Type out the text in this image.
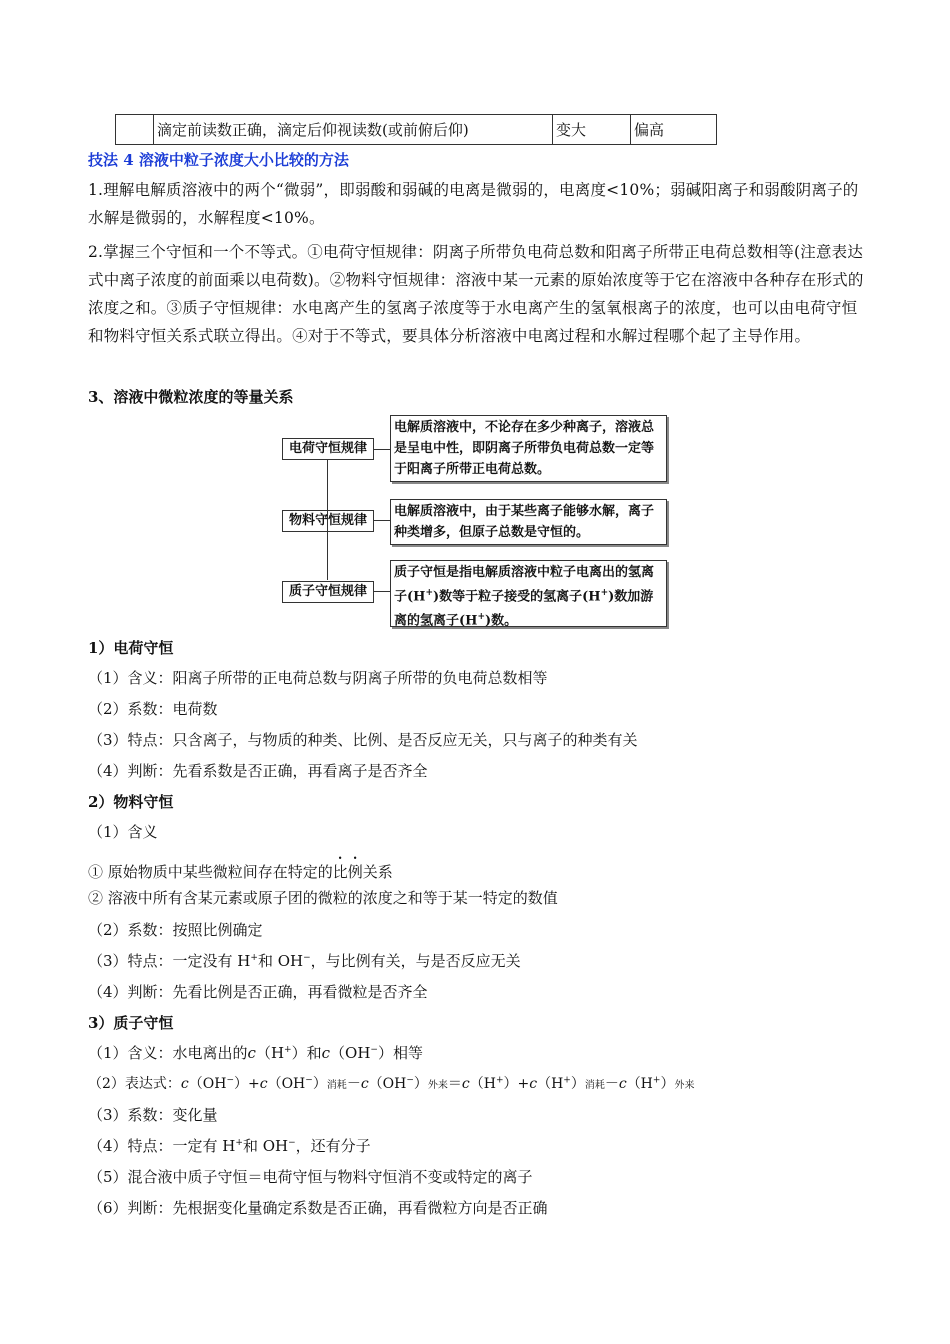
	滴定前读数正确，滴定后仰视读数(或前俯后仰)	变大	偏高
技法 4 溶液中粒子浓度大小比较的方法
1.理解电解质溶液中的两个“微弱”，即弱酸和弱碱的电离是微弱的，电离度<10%；弱碱阳离子和弱酸阴离子的水解是微弱的，水解程度<10%。
2.掌握三个守恒和一个不等式。①电荷守恒规律：阴离子所带负电荷总数和阳离子所带正电荷总数相等(注意表达式中离子浓度的前面乘以电荷数)。②物料守恒规律：溶液中某一元素的原始浓度等于它在溶液中各种存在形式的浓度之和。③质子守恒规律：水电离产生的氢离子浓度等于水电离产生的氢氧根离子的浓度，也可以由电荷守恒和物料守恒关系式联立得出。④对于不等式，要具体分析溶液中电离过程和水解过程哪个起了主导作用。
3、溶液中微粒浓度的等量关系
电荷守恒规律
电解质溶液中，不论存在多少种离子，溶液总是呈电中性，即阴离子所带负电荷总数一定等于阳离子所带正电荷总数。
物料守恒规律
电解质溶液中，由于某些离子能够水解，离子种类增多，但原子总数是守恒的。
质子守恒规律
质子守恒是指电解质溶液中粒子电离出的氢离子(H+)数等于粒子接受的氢离子(H+)数加游离的氢离子(H+)数。
1）电荷守恒
（1）含义：阳离子所带的正电荷总数与阴离子所带的负电荷总数相等
（2）系数：电荷数
（3）特点：只含离子，与物质的种类、比例、是否反应无关，只与离子的种类有关
（4）判断：先看系数是否正确，再看离子是否齐全
2）物料守恒
（1）含义
① 原始物质中某些微粒间存在特定的比例关系
② 溶液中所有含某元素或原子团的微粒的浓度之和等于某一特定的数值
（2）系数：按照比例确定
（3）特点：一定没有 H+和 OH−，与比例有关，与是否反应无关
（4）判断：先看比例是否正确，再看微粒是否齐全
3）质子守恒
（1）含义：水电离出的c（H+）和c（OH−）相等
（2）表达式：c（OH−）+c（OH−）消耗－c（OH−）外来＝c（H+）+c（H+）消耗－c（H+）外来
（3）系数：变化量
（4）特点：一定有 H+和 OH−，还有分子
（5）混合液中质子守恒＝电荷守恒与物料守恒消不变或特定的离子
（6）判断：先根据变化量确定系数是否正确，再看微粒方向是否正确
